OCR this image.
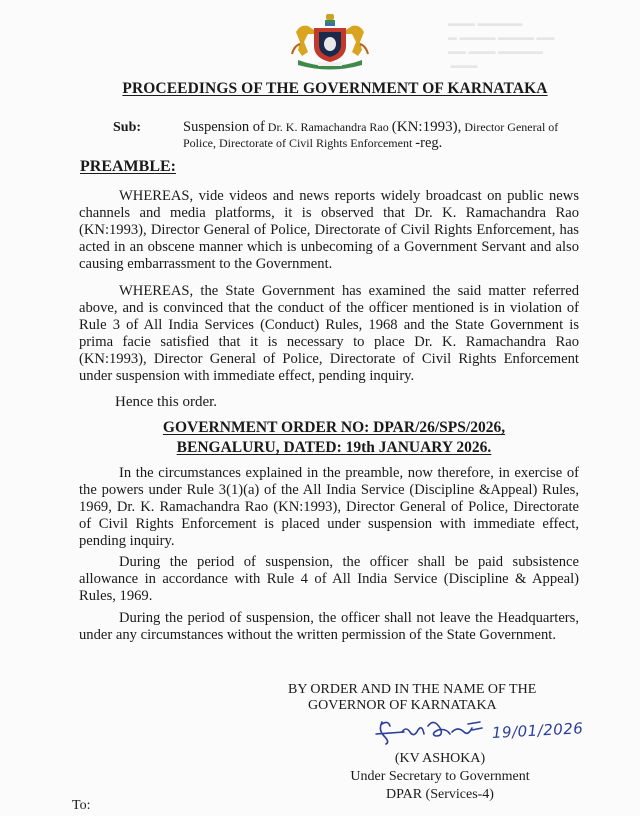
▬▬▬ ▬▬▬▬▬
▬ ▬▬▬▬ ▬▬▬▬ ▬▬
▬▬ ▬▬▬ ▬▬▬▬▬
▬▬▬
PROCEEDINGS OF THE GOVERNMENT OF KARNATAKA
Sub:	Suspension of Dr. K. Ramachandra Rao (KN:1993), Director General of Police, Directorate of Civil Rights Enforcement -reg.
PREAMBLE:
WHEREAS, vide videos and news reports widely broadcast on public news channels and media platforms, it is observed that Dr. K. Ramachandra Rao (KN:1993), Director General of Police, Directorate of Civil Rights Enforcement, has acted in an obscene manner which is unbecoming of a Government Servant and also causing embarrassment to the Government.
WHEREAS, the State Government has examined the said matter referred above, and is convinced that the conduct of the officer mentioned is in violation of Rule 3 of All India Services (Conduct) Rules, 1968 and the State Government is prima facie satisfied that it is necessary to place Dr. K. Ramachandra Rao (KN:1993), Director General of Police, Directorate of Civil Rights Enforcement under suspension with immediate effect, pending inquiry.
Hence this order.
GOVERNMENT ORDER NO: DPAR/26/SPS/2026,
BENGALURU, DATED: 19th JANUARY 2026.
In the circumstances explained in the preamble, now therefore, in exercise of the powers under Rule 3(1)(a) of the All India Service (Discipline &Appeal) Rules, 1969, Dr. K. Ramachandra Rao (KN:1993), Director General of Police, Directorate of Civil Rights Enforcement is placed under suspension with immediate effect, pending inquiry.
During the period of suspension, the officer shall be paid subsistence allowance in accordance with Rule 4 of All India Service (Discipline & Appeal) Rules, 1969.
During the period of suspension, the officer shall not leave the Headquarters, under any circumstances without the written permission of the State Government.
BY ORDER AND IN THE NAME OF THE
GOVERNOR OF KARNATAKA
19/01/2026
(KV ASHOKA)
Under Secretary to Government
DPAR (Services-4)
To:
